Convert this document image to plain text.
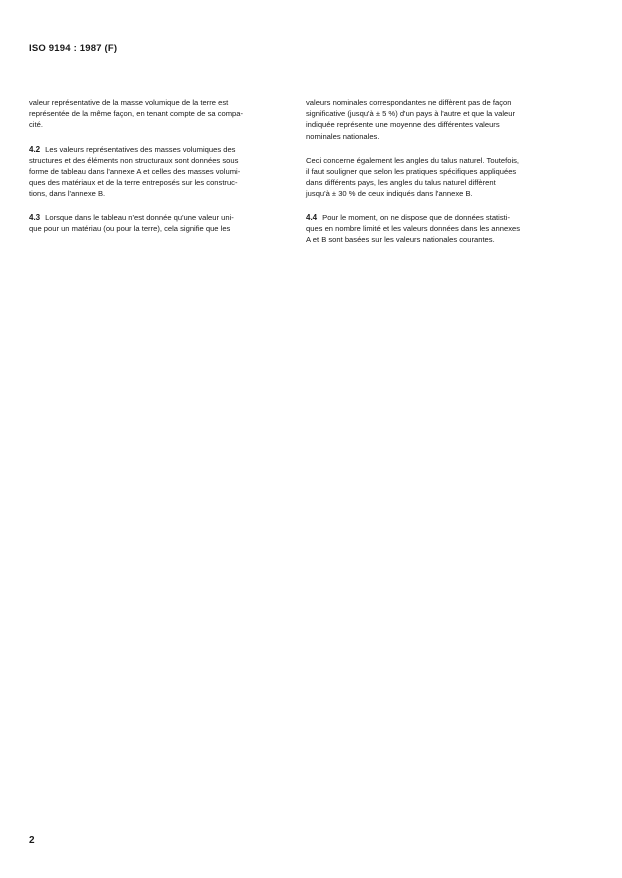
ISO 9194 : 1987 (F)

valeur représentative de la masse volumique de la terre est
représentée de la même façon, en tenant compte de sa compa-
cité.

4.2 Les valeurs représentatives des masses volumiques des
structures et des éléments non structuraux sont données sous
forme de tableau dans l'annexe A et celles des masses volumi-
ques des matériaux et de la terre entreposés sur les construc-
tions, dans l'annexe B.

4.3 Lorsque dans le tableau n'est donnée qu'une valeur uni-
que pour un matériau (ou pour la terre), cela signifie que les

valeurs nominales correspondantes ne diffèrent pas de façon
significative (jusqu'à ± 5 %) d'un pays à l'autre et que la valeur
indiquée représente une moyenne des différentes valeurs
nominales nationales.

Ceci concerne également les angles du talus naturel. Toutefois,
il faut souligner que selon les pratiques spécifiques appliquées
dans différents pays, les angles du talus naturel diffèrent
jusqu'à ± 30 % de ceux indiqués dans l'annexe B.

4.4 Pour le moment, on ne dispose que de données statisti-
ques en nombre limité et les valeurs données dans les annexes
A et B sont basées sur les valeurs nationales courantes.

2
